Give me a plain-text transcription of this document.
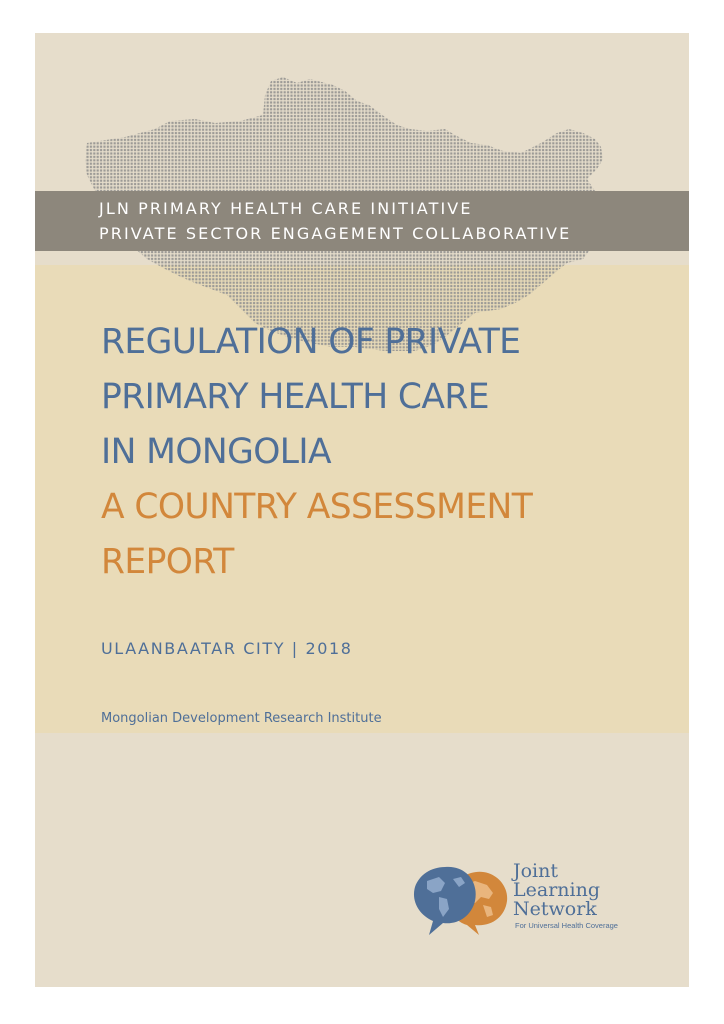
JLN PRIMARY HEALTH CARE INITIATIVE
PRIVATE SECTOR ENGAGEMENT COLLABORATIVE
REGULATION OF PRIVATE
PRIMARY HEALTH CARE
IN MONGOLIA
A COUNTRY ASSESSMENT
REPORT
ULAANBAATAR CITY | 2018
Mongolian Development Research Institute
Joint
Learning
Network
For Universal Health Coverage
